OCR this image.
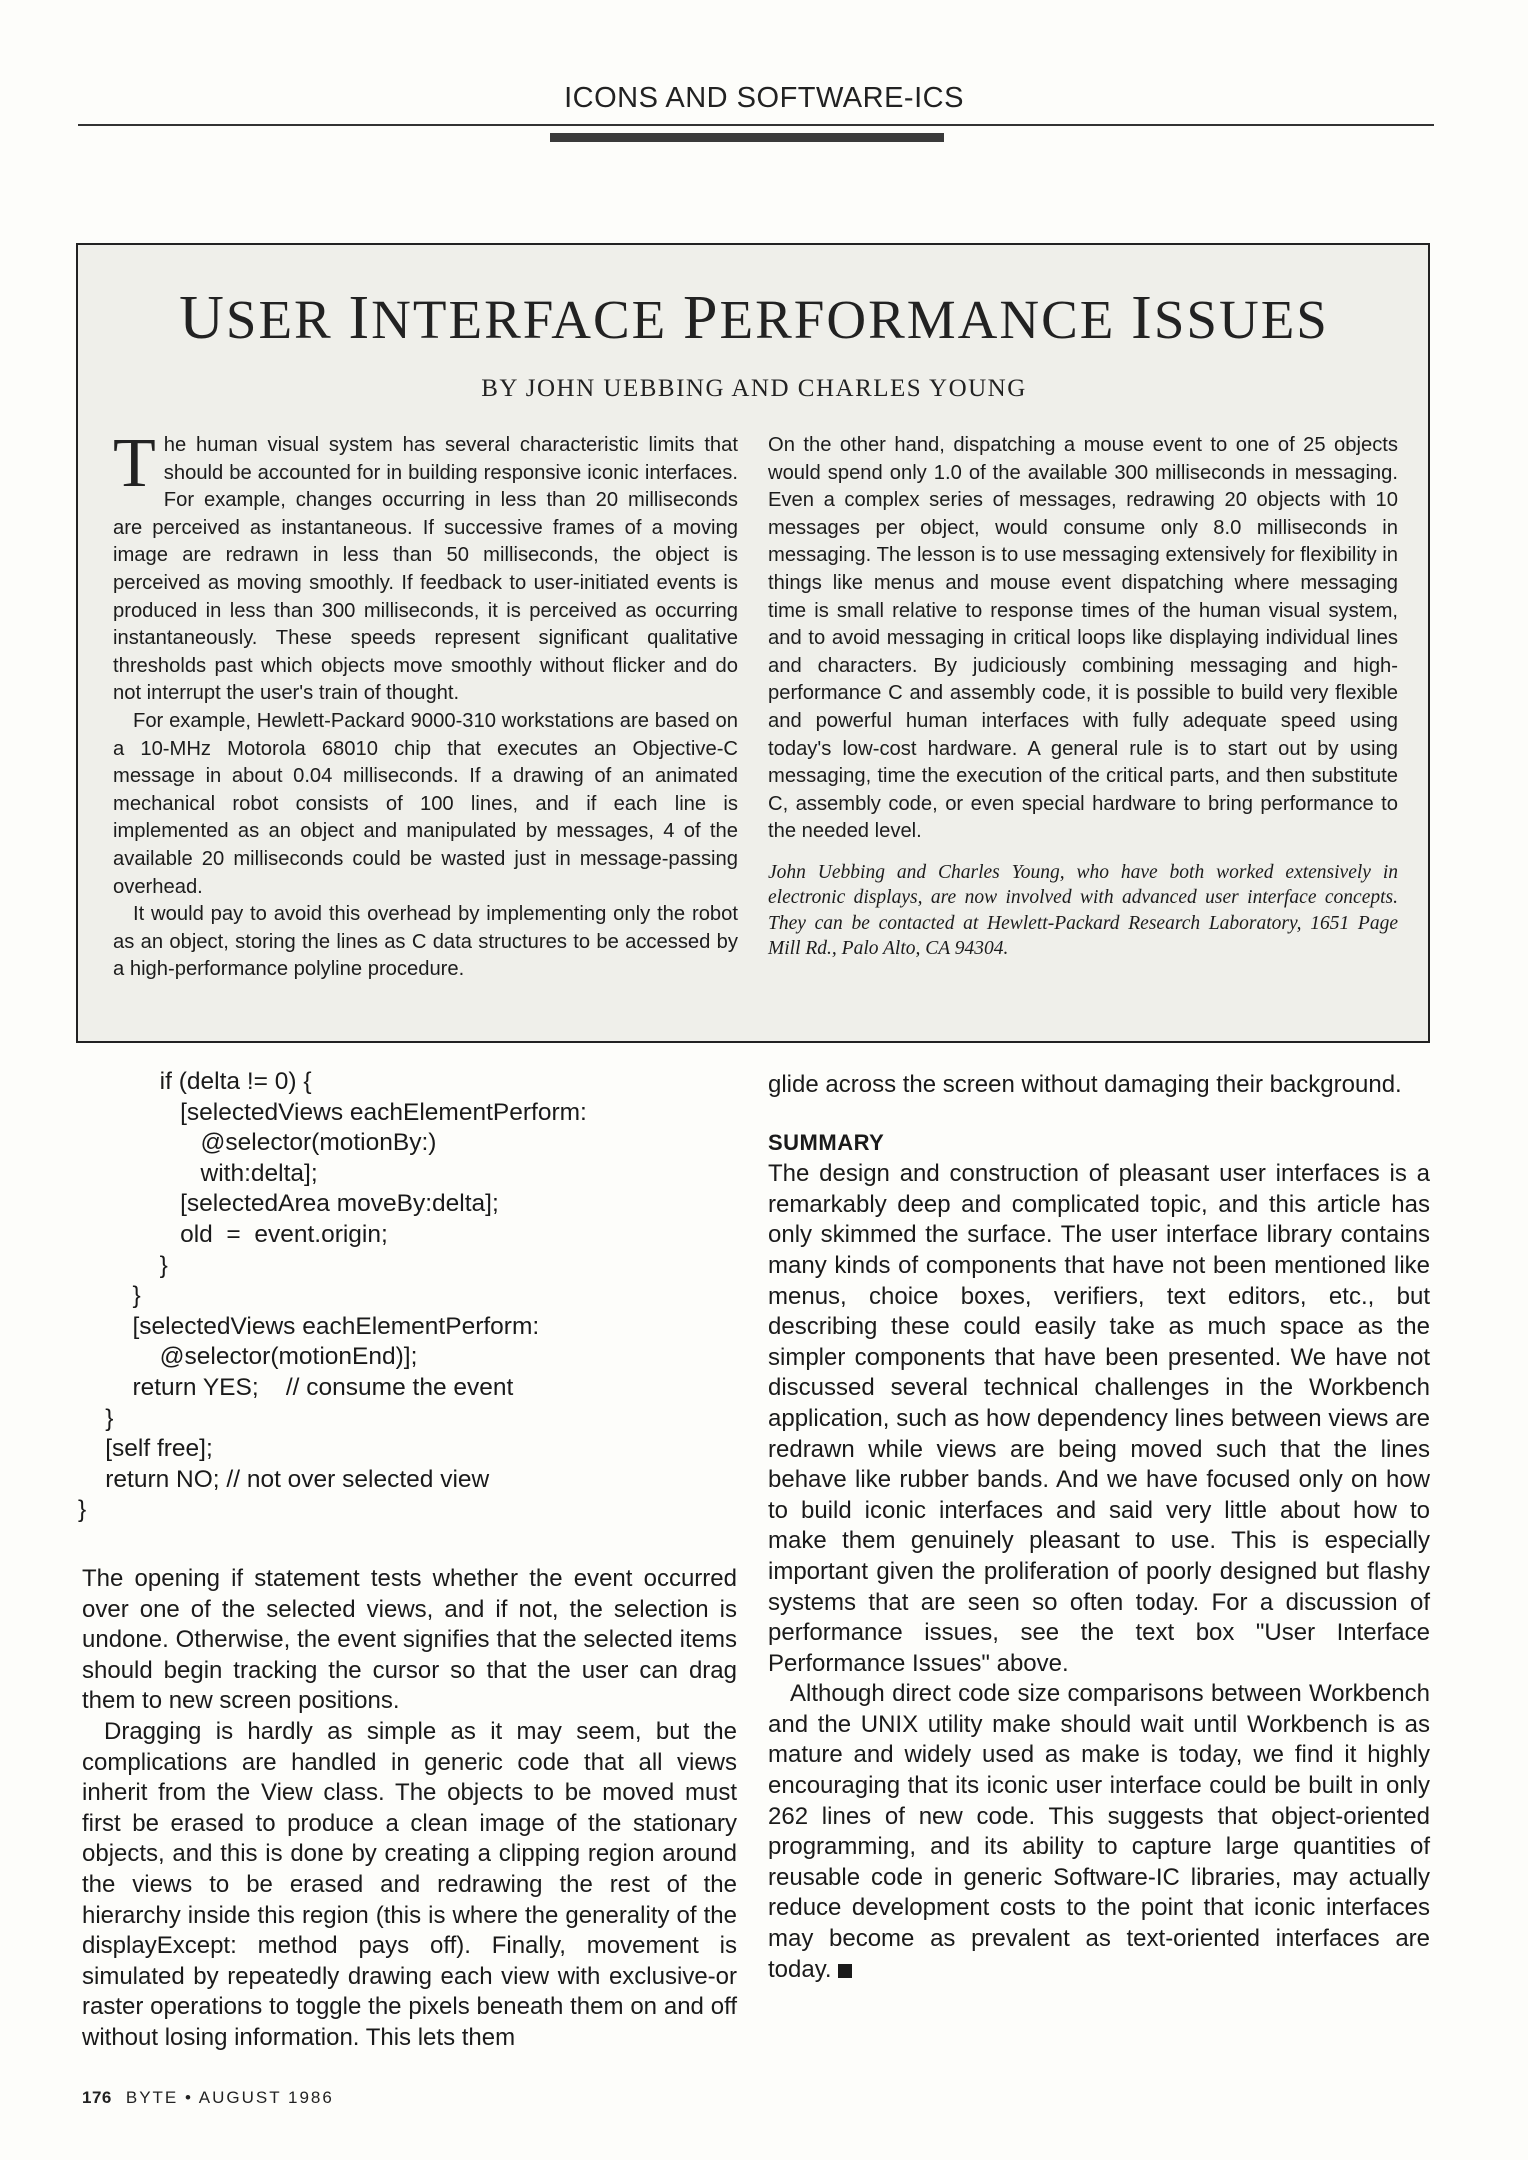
ICONS AND SOFTWARE-ICS
USER INTERFACE PERFORMANCE ISSUES
BY JOHN UEBBING AND CHARLES YOUNG

The human visual system has several characteristic limits that should be accounted for in building responsive iconic interfaces. For example, changes occurring in less than 20 milliseconds are perceived as instantaneous. If successive frames of a moving image are redrawn in less than 50 milliseconds, the object is perceived as moving smoothly. If feedback to user-initiated events is produced in less than 300 milliseconds, it is perceived as occurring instantaneously. These speeds represent significant qualitative thresholds past which objects move smoothly without flicker and do not interrupt the user's train of thought.

For example, Hewlett-Packard 9000-310 workstations are based on a 10-MHz Motorola 68010 chip that executes an Objective-C message in about 0.04 milliseconds. If a drawing of an animated mechanical robot consists of 100 lines, and if each line is implemented as an object and manipulated by messages, 4 of the available 20 milliseconds could be wasted just in message-passing overhead.

It would pay to avoid this overhead by implementing only the robot as an object, storing the lines as C data structures to be accessed by a high-performance polyline procedure.

On the other hand, dispatching a mouse event to one of 25 objects would spend only 1.0 of the available 300 milliseconds in messaging. Even a complex series of messages, redrawing 20 objects with 10 messages per object, would consume only 8.0 milliseconds in messaging. The lesson is to use messaging extensively for flexibility in things like menus and mouse event dispatching where messaging time is small relative to response times of the human visual system, and to avoid messaging in critical loops like displaying individual lines and characters. By judiciously combining messaging and high-performance C and assembly code, it is possible to build very flexible and powerful human interfaces with fully adequate speed using today's low-cost hardware. A general rule is to start out by using messaging, time the execution of the critical parts, and then substitute C, assembly code, or even special hardware to bring performance to the needed level.

John Uebbing and Charles Young, who have both worked extensively in electronic displays, are now involved with advanced user interface concepts. They can be contacted at Hewlett-Packard Research Laboratory, 1651 Page Mill Rd., Palo Alto, CA 94304.

if (delta != 0) {
[selectedViews eachElementPerform:
@selector(motionBy:)
with:delta];
[selectedArea moveBy:delta];
old  =  event.origin;
}
}
[selectedViews eachElementPerform:
@selector(motionEnd)];
return YES;    // consume the event
}
[self free];
return NO; // not over selected view
}

The opening if statement tests whether the event occurred over one of the selected views, and if not, the selection is undone. Otherwise, the event signifies that the selected items should begin tracking the cursor so that the user can drag them to new screen positions.

Dragging is hardly as simple as it may seem, but the complications are handled in generic code that all views inherit from the View class. The objects to be moved must first be erased to produce a clean image of the stationary objects, and this is done by creating a clipping region around the views to be erased and redrawing the rest of the hierarchy inside this region (this is where the generality of the displayExcept: method pays off). Finally, movement is simulated by repeatedly drawing each view with exclusive-or raster operations to toggle the pixels beneath them on and off without losing information. This lets them

glide across the screen without damaging their background.

SUMMARY

The design and construction of pleasant user interfaces is a remarkably deep and complicated topic, and this article has only skimmed the surface. The user interface library contains many kinds of components that have not been mentioned like menus, choice boxes, verifiers, text editors, etc., but describing these could easily take as much space as the simpler components that have been presented. We have not discussed several technical challenges in the Workbench application, such as how dependency lines between views are redrawn while views are being moved such that the lines behave like rubber bands. And we have focused only on how to build iconic interfaces and said very little about how to make them genuinely pleasant to use. This is especially important given the proliferation of poorly designed but flashy systems that are seen so often today. For a discussion of performance issues, see the text box "User Interface Performance Issues" above.

Although direct code size comparisons between Workbench and the UNIX utility make should wait until Workbench is as mature and widely used as make is today, we find it highly encouraging that its iconic user interface could be built in only 262 lines of new code. This suggests that object-oriented programming, and its ability to capture large quantities of reusable code in generic Software-IC libraries, may actually reduce development costs to the point that iconic interfaces may become as prevalent as text-oriented interfaces are today.

176 BYTE • AUGUST 1986
